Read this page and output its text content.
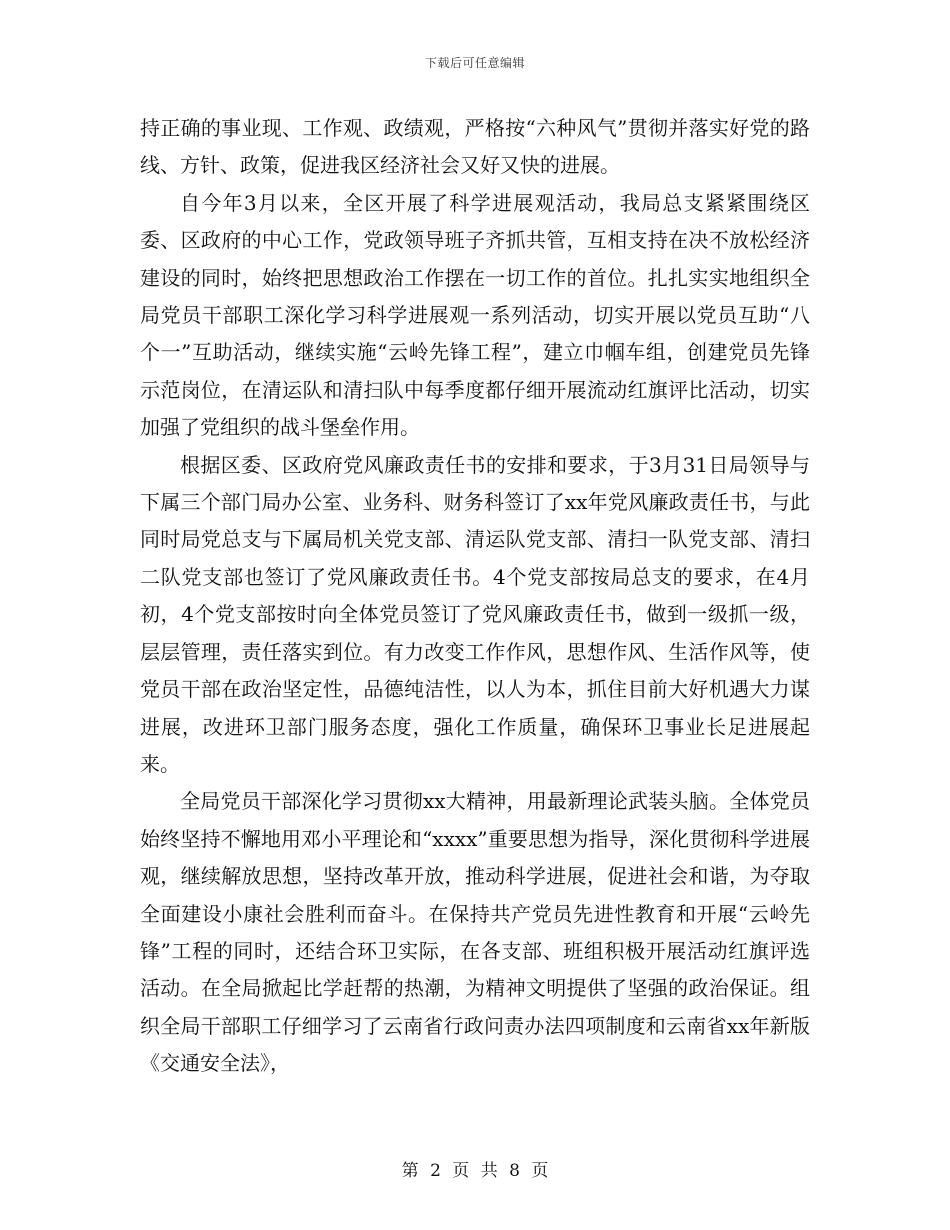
下载后可任意编辑

持正确的事业现、工作观、政绩观，严格按“六种风气”贯彻并落实好党的路线、方针、政策，促进我区经济社会又好又快的进展。

自今年3月以来，全区开展了科学进展观活动，我局总支紧紧围绕区委、区政府的中心工作，党政领导班子齐抓共管，互相支持在决不放松经济建设的同时，始终把思想政治工作摆在一切工作的首位。扎扎实实地组织全局党员干部职工深化学习科学进展观一系列活动，切实开展以党员互助“八个一”互助活动，继续实施“云岭先锋工程”，建立巾帼车组，创建党员先锋示范岗位，在清运队和清扫队中每季度都仔细开展流动红旗评比活动，切实加强了党组织的战斗堡垒作用。

根据区委、区政府党风廉政责任书的安排和要求，于3月31日局领导与下属三个部门局办公室、业务科、财务科签订了xx年党风廉政责任书，与此同时局党总支与下属局机关党支部、清运队党支部、清扫一队党支部、清扫二队党支部也签订了党风廉政责任书。4个党支部按局总支的要求，在4月初，4个党支部按时向全体党员签订了党风廉政责任书，做到一级抓一级，层层管理，责任落实到位。有力改变工作作风，思想作风、生活作风等，使党员干部在政治坚定性，品德纯洁性，以人为本，抓住目前大好机遇大力谋进展，改进环卫部门服务态度，强化工作质量，确保环卫事业长足进展起来。

全局党员干部深化学习贯彻xx大精神，用最新理论武装头脑。全体党员始终坚持不懈地用邓小平理论和“xxxx”重要思想为指导，深化贯彻科学进展观，继续解放思想，坚持改革开放，推动科学进展，促进社会和谐，为夺取全面建设小康社会胜利而奋斗。在保持共产党员先进性教育和开展“云岭先锋”工程的同时，还结合环卫实际，在各支部、班组积极开展活动红旗评选活动。在全局掀起比学赶帮的热潮，为精神文明提供了坚强的政治保证。组织全局干部职工仔细学习了云南省行政问责办法四项制度和云南省xx年新版《交通安全法》，

第 2 页 共 8 页
